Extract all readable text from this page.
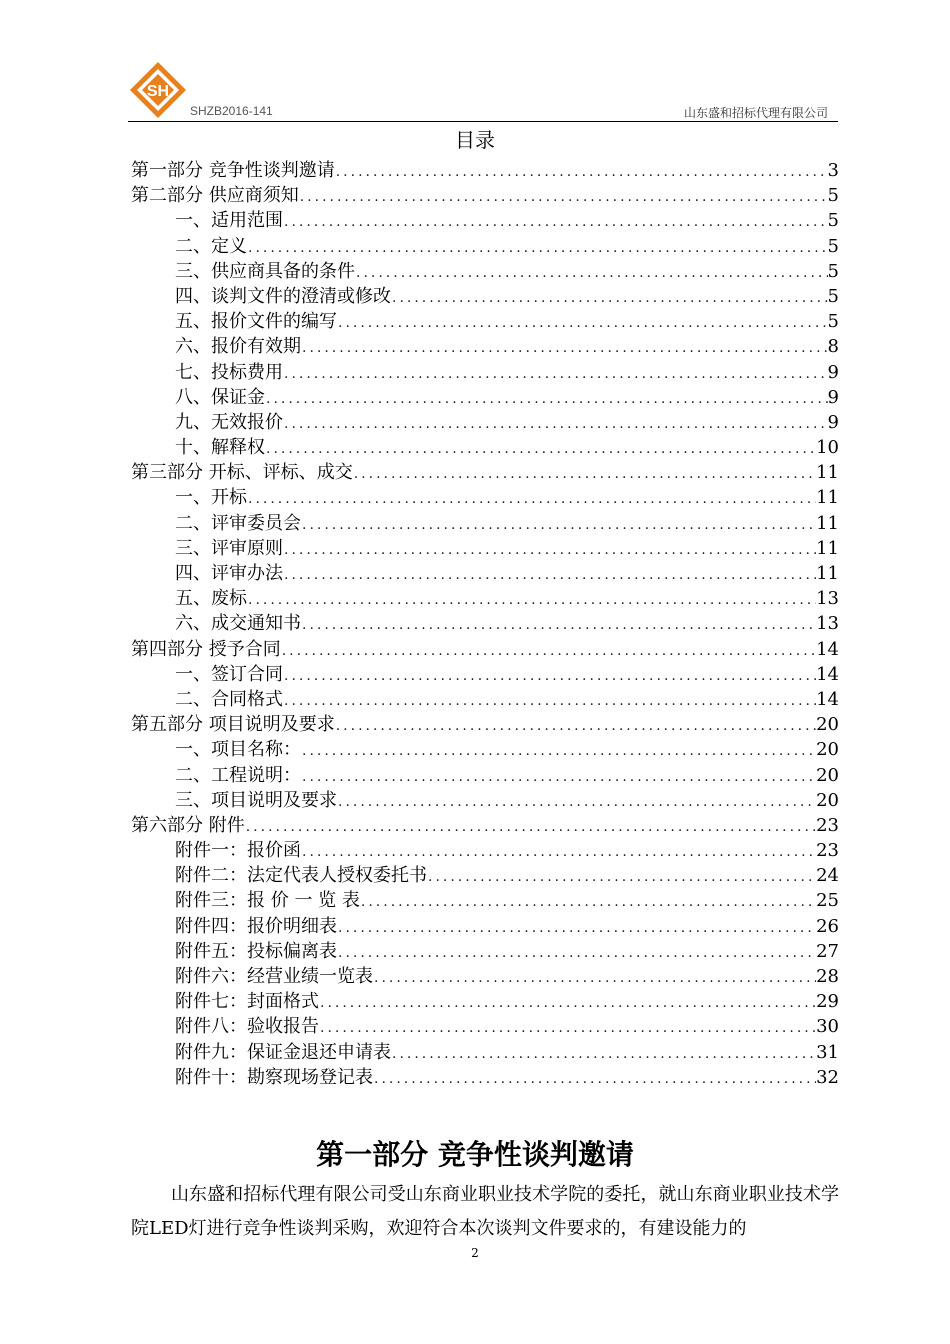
SH
SHZB2016-141	山东盛和招标代理有限公司
目录
第一部分 竞争性谈判邀请 .....	3
第二部分 供应商须知 .....	5
一、适用范围 .....	5
二、定义 .....	5
三、供应商具备的条件 .....	5
四、谈判文件的澄清或修改 .....	5
五、报价文件的编写 .....	5
六、报价有效期 .....	8
七、投标费用 .....	9
八、保证金 .....	9
九、无效报价 .....	9
十、解释权 .....	10
第三部分 开标、评标、成交 .....	11
一、开标 .....	11
二、评审委员会 .....	11
三、评审原则 .....	11
四、评审办法 .....	11
五、废标 .....	13
六、成交通知书 .....	13
第四部分 授予合同 .....	14
一、签订合同 .....	14
二、合同格式 .....	14
第五部分 项目说明及要求 .....	20
一、项目名称： .....	20
二、工程说明： .....	20
三、项目说明及要求 .....	20
第六部分 附件 .....	23
附件一：报价函 .....	23
附件二：法定代表人授权委托书 .....	24
附件三：报 价 一 览 表 .....	25
附件四：报价明细表 .....	26
附件五：投标偏离表 .....	27
附件六：经营业绩一览表 .....	28
附件七：封面格式 .....	29
附件八：验收报告 .....	30
附件九：保证金退还申请表 .....	31
附件十：勘察现场登记表 .....	32
第一部分 竞争性谈判邀请

山东盛和招标代理有限公司受山东商业职业技术学院的委托，就山东商业职业技术学院LED灯进行竞争性谈判采购，欢迎符合本次谈判文件要求的，有建设能力的

2
